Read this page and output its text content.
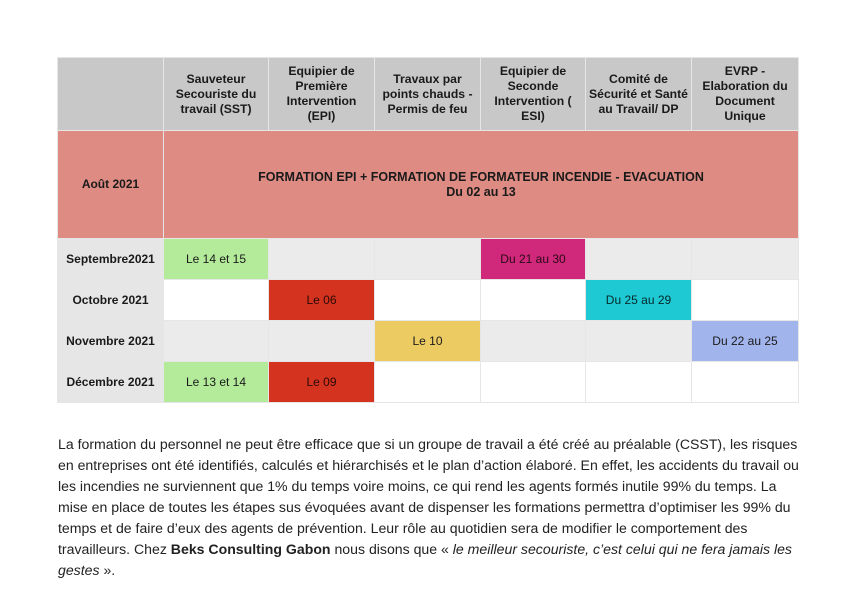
	Sauveteur Secouriste du travail (SST)	Equipier de Première Intervention (EPI)	Travaux par points chauds - Permis de feu	Equipier de Seconde Intervention ( ESI)	Comité de Sécurité et Santé au Travail/ DP	EVRP - Elaboration du Document Unique
Août 2021	FORMATION EPI + FORMATION DE FORMATEUR INCENDIE - EVACUATION
Du 02 au 13					

Septembre2021	Le 14 et 15			Du 21 au 30		
Octobre 2021		Le 06			Du 25 au 29	
Novembre 2021			Le 10			Du 22 au 25
Décembre 2021	Le 13 et 14	Le 09				

La formation du personnel ne peut être efficace que si un groupe de travail a été créé au préalable (CSST), les risques en entreprises ont été identifiés, calculés et hiérarchisés et le plan d’action élaboré. En effet, les accidents du travail ou les incendies ne surviennent que 1% du temps voire moins, ce qui rend les agents formés inutile 99% du temps. La mise en place de toutes les étapes sus évoquées avant de dispenser les formations permettra d’optimiser les 99% du temps et de faire d’eux des agents de prévention. Leur rôle au quotidien sera de modifier le comportement des travailleurs. Chez Beks Consulting Gabon nous disons que « le meilleur secouriste, c’est celui qui ne fera jamais les gestes ».
